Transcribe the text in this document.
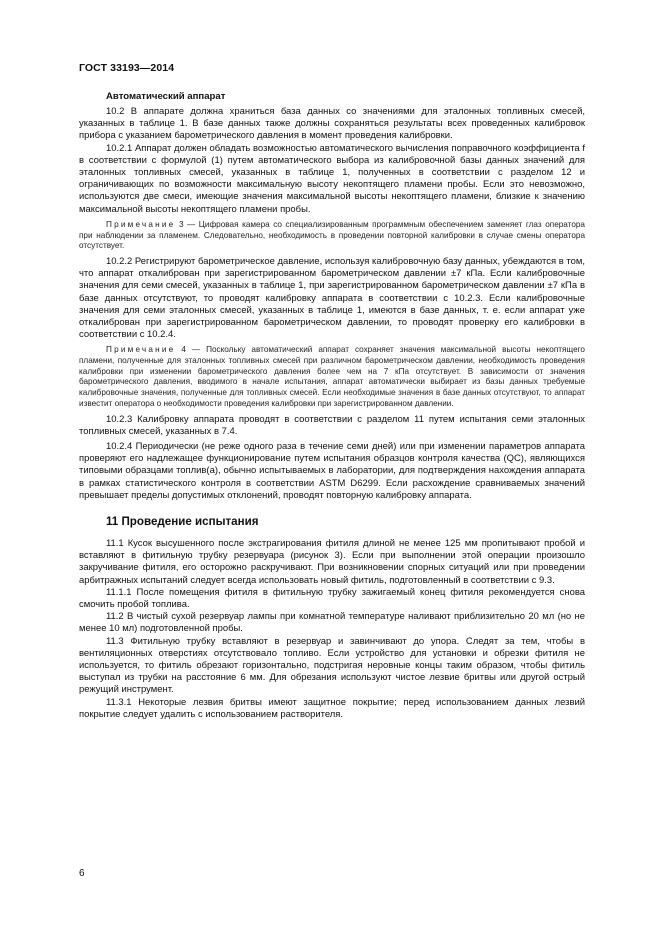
ГОСТ 33193—2014
Автоматический аппарат

10.2 В аппарате должна храниться база данных со значениями для эталонных топливных смесей, указанных в таблице 1. В базе данных также должны сохраняться результаты всех проведенных калибровок прибора с указанием барометрического давления в момент проведения калибровки.

10.2.1 Аппарат должен обладать возможностью автоматического вычисления поправочного коэффициента f в соответствии с формулой (1) путем автоматического выбора из калибровочной базы данных значений для эталонных топливных смесей, указанных в таблице 1, полученных в соответствии с разделом 12 и ограничивающих по возможности максимальную высоту некоптящего пламени пробы. Если это невозможно, используются две смеси, имеющие значения максимальной высоты некоптящего пламени, близкие к значению максимальной высоты некоптящего пламени пробы.

Примечание 3 — Цифровая камера со специализированным программным обеспечением заменяет глаз оператора при наблюдении за пламенем. Следовательно, необходимость в проведении повторной калибровки в случае смены оператора отсутствует.

10.2.2 Регистрируют барометрическое давление, используя калибровочную базу данных, убеждаются в том, что аппарат откалиброван при зарегистрированном барометрическом давлении ±7 кПа. Если калибровочные значения для семи смесей, указанных в таблице 1, при зарегистрированном барометрическом давлении ±7 кПа в базе данных отсутствуют, то проводят калибровку аппарата в соответствии с 10.2.3. Если калибровочные значения для семи эталонных смесей, указанных в таблице 1, имеются в базе данных, т. е. если аппарат уже откалиброван при зарегистрированном барометрическом давлении, то проводят проверку его калибровки в соответствии с 10.2.4.

Примечание 4 — Поскольку автоматический аппарат сохраняет значения максимальной высоты некоптящего пламени, полученные для эталонных топливных смесей при различном барометрическом давлении, необходимость проведения калибровки при изменении барометрического давления более чем на 7 кПа отсутствует. В зависимости от значения барометрического давления, вводимого в начале испытания, аппарат автоматически выбирает из базы данных требуемые калибровочные значения, полученные для топливных смесей. Если необходимые значения в базе данных отсутствуют, то аппарат известит оператора о необходимости проведения калибровки при зарегистрированном давлении.

10.2.3 Калибровку аппарата проводят в соответствии с разделом 11 путем испытания семи эталонных топливных смесей, указанных в 7.4.

10.2.4 Периодически (не реже одного раза в течение семи дней) или при изменении параметров аппарата проверяют его надлежащее функционирование путем испытания образцов контроля качества (QC), являющихся типовыми образцами топлив(а), обычно испытываемых в лаборатории, для подтверждения нахождения аппарата в рамках статистического контроля в соответствии ASTM D6299. Если расхождение сравниваемых значений превышает пределы допустимых отклонений, проводят повторную калибровку аппарата.

11 Проведение испытания

11.1 Кусок высушенного после экстрагирования фитиля длиной не менее 125 мм пропитывают пробой и вставляют в фитильную трубку резервуара (рисунок 3). Если при выполнении этой операции произошло закручивание фитиля, его осторожно раскручивают. При возникновении спорных ситуаций или при проведении арбитражных испытаний следует всегда использовать новый фитиль, подготовленный в соответствии с 9.3.

11.1.1 После помещения фитиля в фитильную трубку зажигаемый конец фитиля рекомендуется снова смочить пробой топлива.

11.2 В чистый сухой резервуар лампы при комнатной температуре наливают приблизительно 20 мл (но не менее 10 мл) подготовленной пробы.

11.3 Фитильную трубку вставляют в резервуар и завинчивают до упора. Следят за тем, чтобы в вентиляционных отверстиях отсутствовало топливо. Если устройство для установки и обрезки фитиля не используется, то фитиль обрезают горизонтально, подстригая неровные концы таким образом, чтобы фитиль выступал из трубки на расстояние 6 мм. Для обрезания используют чистое лезвие бритвы или другой острый режущий инструмент.

11.3.1 Некоторые лезвия бритвы имеют защитное покрытие; перед использованием данных лезвий покрытие следует удалить с использованием растворителя.

6
